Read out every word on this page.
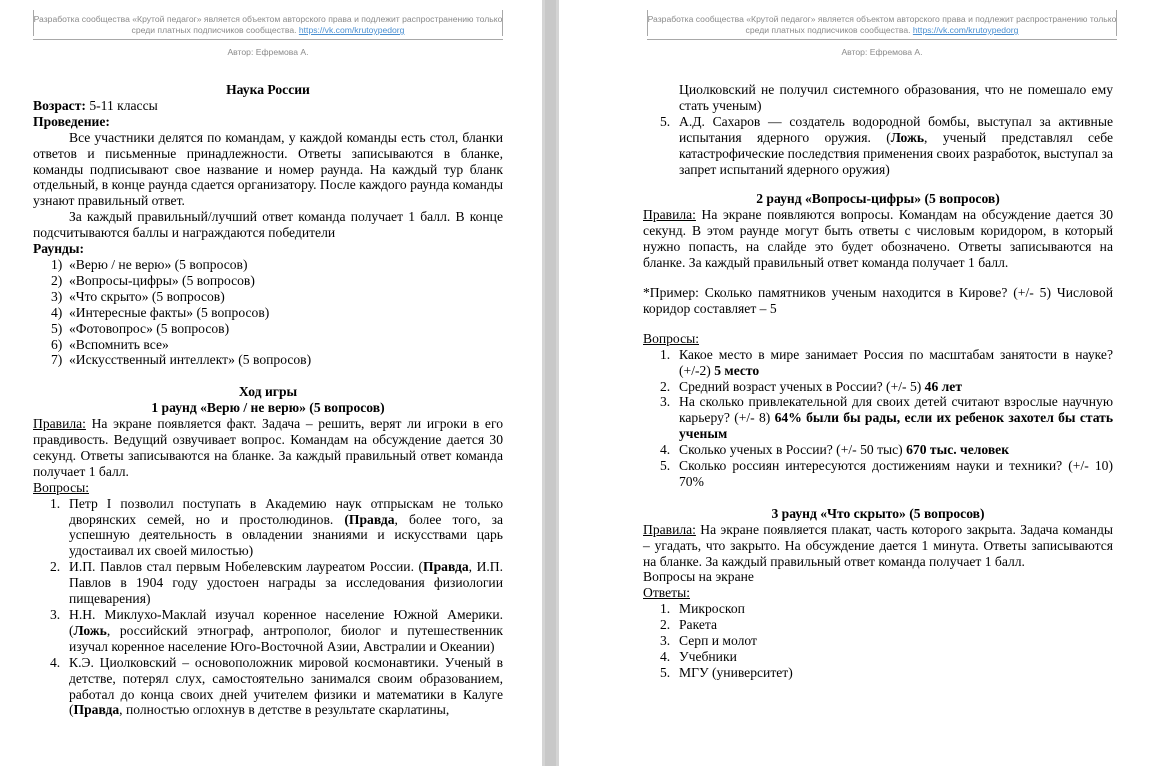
Разработка сообщества «Крутой педагог» является объектом авторского права и подлежит распространению только среди платных подписчиков сообщества. https://vk.com/krutoypedorg
Автор: Ефремова А.

Наука России

Возраст: 5-11 классы

Проведение:

Все участники делятся по командам, у каждой команды есть стол, бланки ответов и письменные принадлежности. Ответы записываются в бланке, команды подписывают свое название и номер раунда. На каждый тур бланк отдельный, в конце раунда сдается организатору. После каждого раунда команды узнают правильный ответ.

За каждый правильный/лучший ответ команда получает 1 балл. В конце подсчитываются баллы и награждаются победители

Раунды:

1) «Верю / не верю» (5 вопросов)
2) «Вопросы-цифры» (5 вопросов)
3) «Что скрыто» (5 вопросов)
4) «Интересные факты» (5 вопросов)
5) «Фотовопрос» (5 вопросов)
6) «Вспомнить все»
7) «Искусственный интеллект» (5 вопросов)

Ход игры

1 раунд «Верю / не верю» (5 вопросов)

Правила: На экране появляется факт. Задача – решить, верят ли игроки в его правдивость. Ведущий озвучивает вопрос. Командам на обсуждение дается 30 секунд. Ответы записываются на бланке. За каждый правильный ответ команда получает 1 балл.

Вопросы:

1. Петр I позволил поступать в Академию наук отпрыскам не только дворянских семей, но и простолюдинов. (Правда, более того, за успешную деятельность в овладении знаниями и искусствами царь удостаивал их своей милостью)
2. И.П. Павлов стал первым Нобелевским лауреатом России. (Правда, И.П. Павлов в 1904 году удостоен награды за исследования физиологии пищеварения)
3. Н.Н. Миклухо-Маклай изучал коренное население Южной Америки. (Ложь, российский этнограф, антрополог, биолог и путешественник изучал коренное население Юго-Восточной Азии, Австралии и Океании)
4. К.Э. Циолковский – основоположник мировой космонавтики. Ученый в детстве, потерял слух, самостоятельно занимался своим образованием, работал до конца своих дней учителем физики и математики в Калуге (Правда, полностью оглохнув в детстве в результате скарлатины,
Разработка сообщества «Крутой педагог» является объектом авторского права и подлежит распространению только среди платных подписчиков сообщества. https://vk.com/krutoypedorg
Автор: Ефремова А.
Циолковский не получил системного образования, что не помешало ему стать ученым)
5. А.Д. Сахаров — создатель водородной бомбы, выступал за активные испытания ядерного оружия. (Ложь, ученый представлял себе катастрофические последствия применения своих разработок, выступал за запрет испытаний ядерного оружия)

2 раунд «Вопросы-цифры» (5 вопросов)

Правила: На экране появляются вопросы. Командам на обсуждение дается 30 секунд. В этом раунде могут быть ответы с числовым коридором, в который нужно попасть, на слайде это будет обозначено. Ответы записываются на бланке. За каждый правильный ответ команда получает 1 балл.

*Пример: Сколько памятников ученым находится в Кирове? (+/- 5) Числовой коридор составляет – 5

Вопросы:

1. Какое место в мире занимает Россия по масштабам занятости в науке? (+/-2) 5 место
2. Средний возраст ученых в России? (+/- 5) 46 лет
3. На сколько привлекательной для своих детей считают взрослые научную карьеру? (+/- 8) 64% были бы рады, если их ребенок захотел бы стать ученым
4. Сколько ученых в России? (+/- 50 тыс) 670 тыс. человек
5. Сколько россиян интересуются достижениям науки и техники? (+/- 10) 70%

3 раунд «Что скрыто» (5 вопросов)

Правила: На экране появляется плакат, часть которого закрыта. Задача команды – угадать, что закрыто. На обсуждение дается 1 минута. Ответы записываются на бланке. За каждый правильный ответ команда получает 1 балл.

Вопросы на экране

Ответы:

1. Микроскоп
2. Ракета
3. Серп и молот
4. Учебники
5. МГУ (университет)
